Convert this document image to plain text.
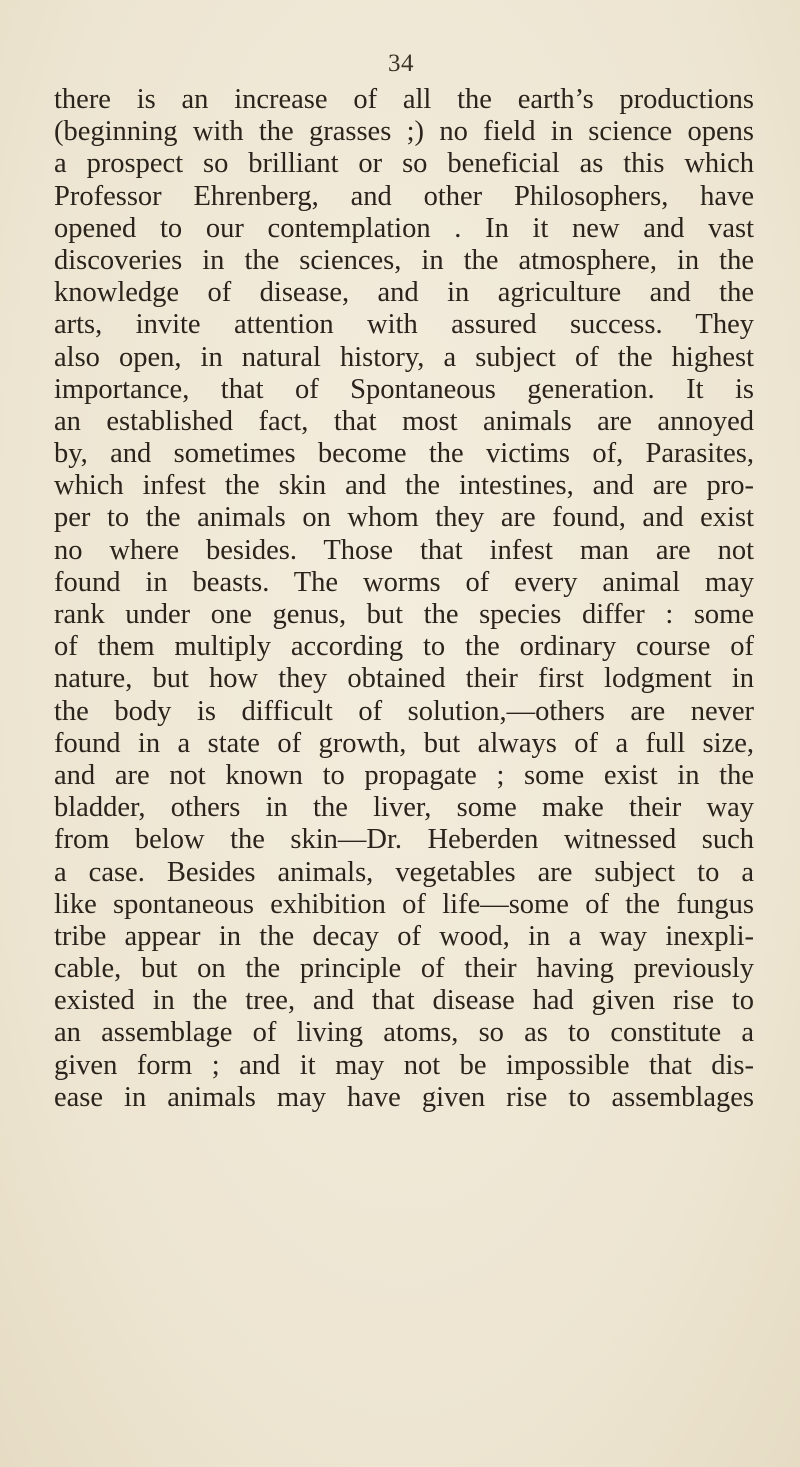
34
there is an increase of all the earth’s productions
(beginning with the grasses ;) no field in science opens
a prospect so brilliant or so beneficial as this which
Professor Ehrenberg, and other Philosophers, have
opened to our contemplation . In it new and vast
discoveries in the sciences, in the atmosphere, in the
knowledge of disease, and in agriculture and the
arts, invite attention with assured success. They
also open, in natural history, a subject of the highest
importance, that of Spontaneous generation. It is
an established fact, that most animals are annoyed
by, and sometimes become the victims of, Parasites,
which infest the skin and the intestines, and are pro-
per to the animals on whom they are found, and exist
no where besides. Those that infest man are not
found in beasts. The worms of every animal may
rank under one genus, but the species differ : some
of them multiply according to the ordinary course of
nature, but how they obtained their first lodgment in
the body is difficult of solution,—others are never
found in a state of growth, but always of a full size,
and are not known to propagate ; some exist in the
bladder, others in the liver, some make their way
from below the skin—Dr. Heberden witnessed such
a case. Besides animals, vegetables are subject to a
like spontaneous exhibition of life—some of the fungus
tribe appear in the decay of wood, in a way inexpli-
cable, but on the principle of their having previously
existed in the tree, and that disease had given rise to
an assemblage of living atoms, so as to constitute a
given form ; and it may not be impossible that dis-
ease in animals may have given rise to assemblages
